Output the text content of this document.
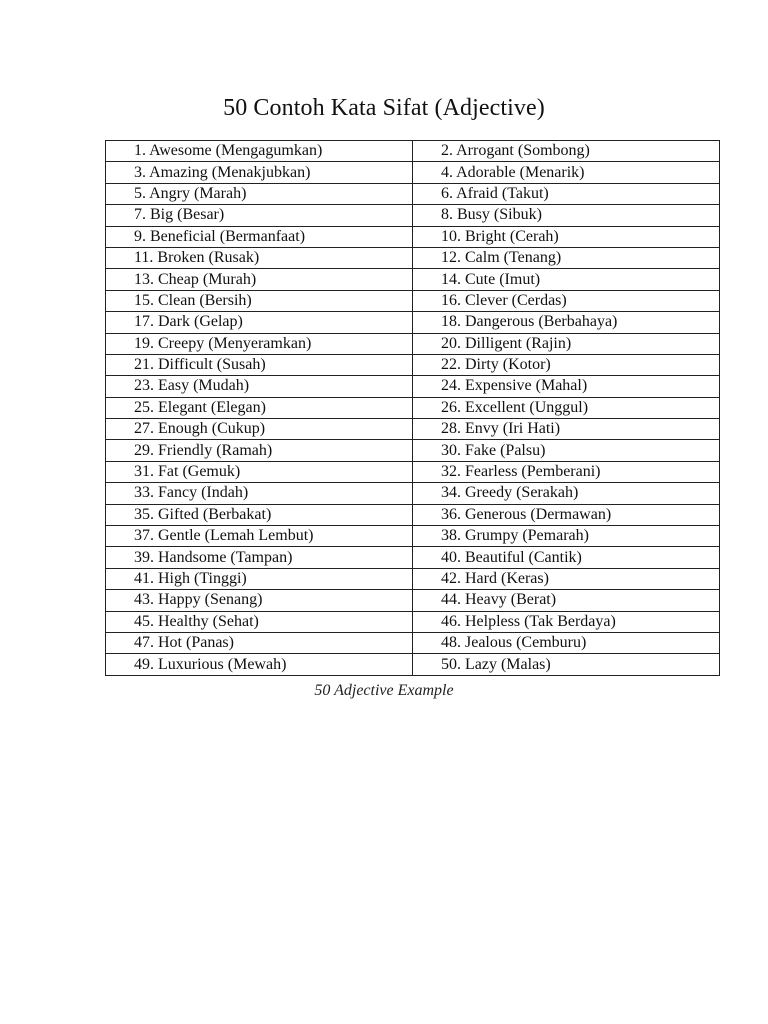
50 Contoh Kata Sifat (Adjective)
1. Awesome (Mengagumkan)	2. Arrogant (Sombong)
3. Amazing (Menakjubkan)	4. Adorable (Menarik)
5. Angry (Marah)	6. Afraid (Takut)
7. Big (Besar)	8. Busy (Sibuk)
9. Beneficial (Bermanfaat)	10. Bright (Cerah)
11. Broken (Rusak)	12. Calm (Tenang)
13. Cheap (Murah)	14. Cute (Imut)
15. Clean (Bersih)	16. Clever (Cerdas)
17. Dark (Gelap)	18. Dangerous (Berbahaya)
19. Creepy (Menyeramkan)	20. Dilligent (Rajin)
21. Difficult (Susah)	22. Dirty (Kotor)
23. Easy (Mudah)	24. Expensive (Mahal)
25. Elegant (Elegan)	26. Excellent (Unggul)
27. Enough (Cukup)	28. Envy (Iri Hati)
29. Friendly (Ramah)	30. Fake (Palsu)
31. Fat (Gemuk)	32. Fearless (Pemberani)
33. Fancy (Indah)	34. Greedy (Serakah)
35. Gifted (Berbakat)	36. Generous (Dermawan)
37. Gentle (Lemah Lembut)	38. Grumpy (Pemarah)
39. Handsome (Tampan)	40. Beautiful (Cantik)
41. High (Tinggi)	42. Hard (Keras)
43. Happy (Senang)	44. Heavy (Berat)
45. Healthy (Sehat)	46. Helpless (Tak Berdaya)
47. Hot (Panas)	48. Jealous (Cemburu)
49. Luxurious (Mewah)	50. Lazy (Malas)
50 Adjective Example
